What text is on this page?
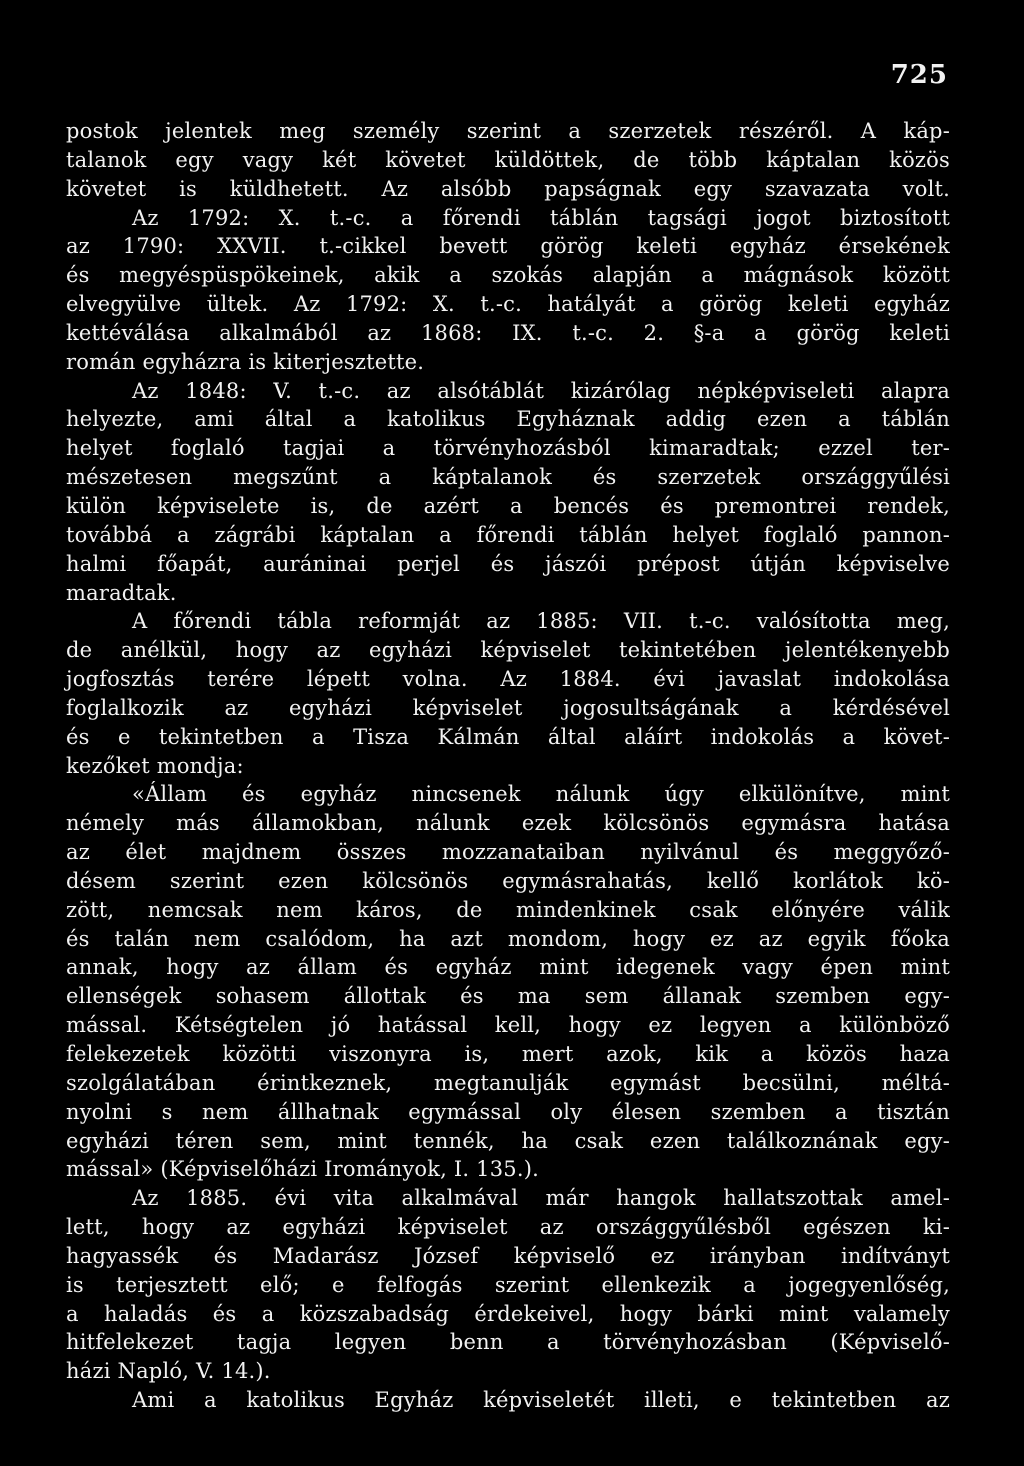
725
postok jelentek meg személy szerint a szerzetek részéről. A káp-
talanok egy vagy két követet küldöttek, de több káptalan közös
követet is küldhetett. Az alsóbb papságnak egy szavazata volt.
Az 1792: X. t.-c. a főrendi táblán tagsági jogot biztosított
az 1790: XXVII. t.-cikkel bevett görög keleti egyház érsekének
és megyéspüspökeinek, akik a szokás alapján a mágnások között
elvegyülve ültek. Az 1792: X. t.-c. hatályát a görög keleti egyház
kettéválása alkalmából az 1868: IX. t.-c. 2. §-a a görög keleti
román egyházra is kiterjesztette.
Az 1848: V. t.-c. az alsótáblát kizárólag népképviseleti alapra
helyezte, ami által a katolikus Egyháznak addig ezen a táblán
helyet foglaló tagjai a törvényhozásból kimaradtak; ezzel ter-
mészetesen megszűnt a káptalanok és szerzetek országgyűlési
külön képviselete is, de azért a bencés és premontrei rendek,
továbbá a zágrábi káptalan a főrendi táblán helyet foglaló pannon-
halmi főapát, auráninai perjel és jászói prépost útján képviselve
maradtak.
A főrendi tábla reformját az 1885: VII. t.-c. valósította meg,
de anélkül, hogy az egyházi képviselet tekintetében jelentékenyebb
jogfosztás terére lépett volna. Az 1884. évi javaslat indokolása
foglalkozik az egyházi képviselet jogosultságának a kérdésével
és e tekintetben a Tisza Kálmán által aláírt indokolás a követ-
kezőket mondja:
«Állam és egyház nincsenek nálunk úgy elkülönítve, mint
némely más államokban, nálunk ezek kölcsönös egymásra hatása
az élet majdnem összes mozzanataiban nyilvánul és meggyőző-
désem szerint ezen kölcsönös egymásrahatás, kellő korlátok kö-
zött, nemcsak nem káros, de mindenkinek csak előnyére válik
és talán nem csalódom, ha azt mondom, hogy ez az egyik főoka
annak, hogy az állam és egyház mint idegenek vagy épen mint
ellenségek sohasem állottak és ma sem állanak szemben egy-
mással. Kétségtelen jó hatással kell, hogy ez legyen a különböző
felekezetek közötti viszonyra is, mert azok, kik a közös haza
szolgálatában érintkeznek, megtanulják egymást becsülni, méltá-
nyolni s nem állhatnak egymással oly élesen szemben a tisztán
egyházi téren sem, mint tennék, ha csak ezen találkoznának egy-
mással» (Képviselőházi Irományok, I. 135.).
Az 1885. évi vita alkalmával már hangok hallatszottak amel-
lett, hogy az egyházi képviselet az országgyűlésből egészen ki-
hagyassék és Madarász József képviselő ez irányban indítványt
is terjesztett elő; e felfogás szerint ellenkezik a jogegyenlőség,
a haladás és a közszabadság érdekeivel, hogy bárki mint valamely
hitfelekezet tagja legyen benn a törvényhozásban (Képviselő-
házi Napló, V. 14.).
Ami a katolikus Egyház képviseletét illeti, e tekintetben az
